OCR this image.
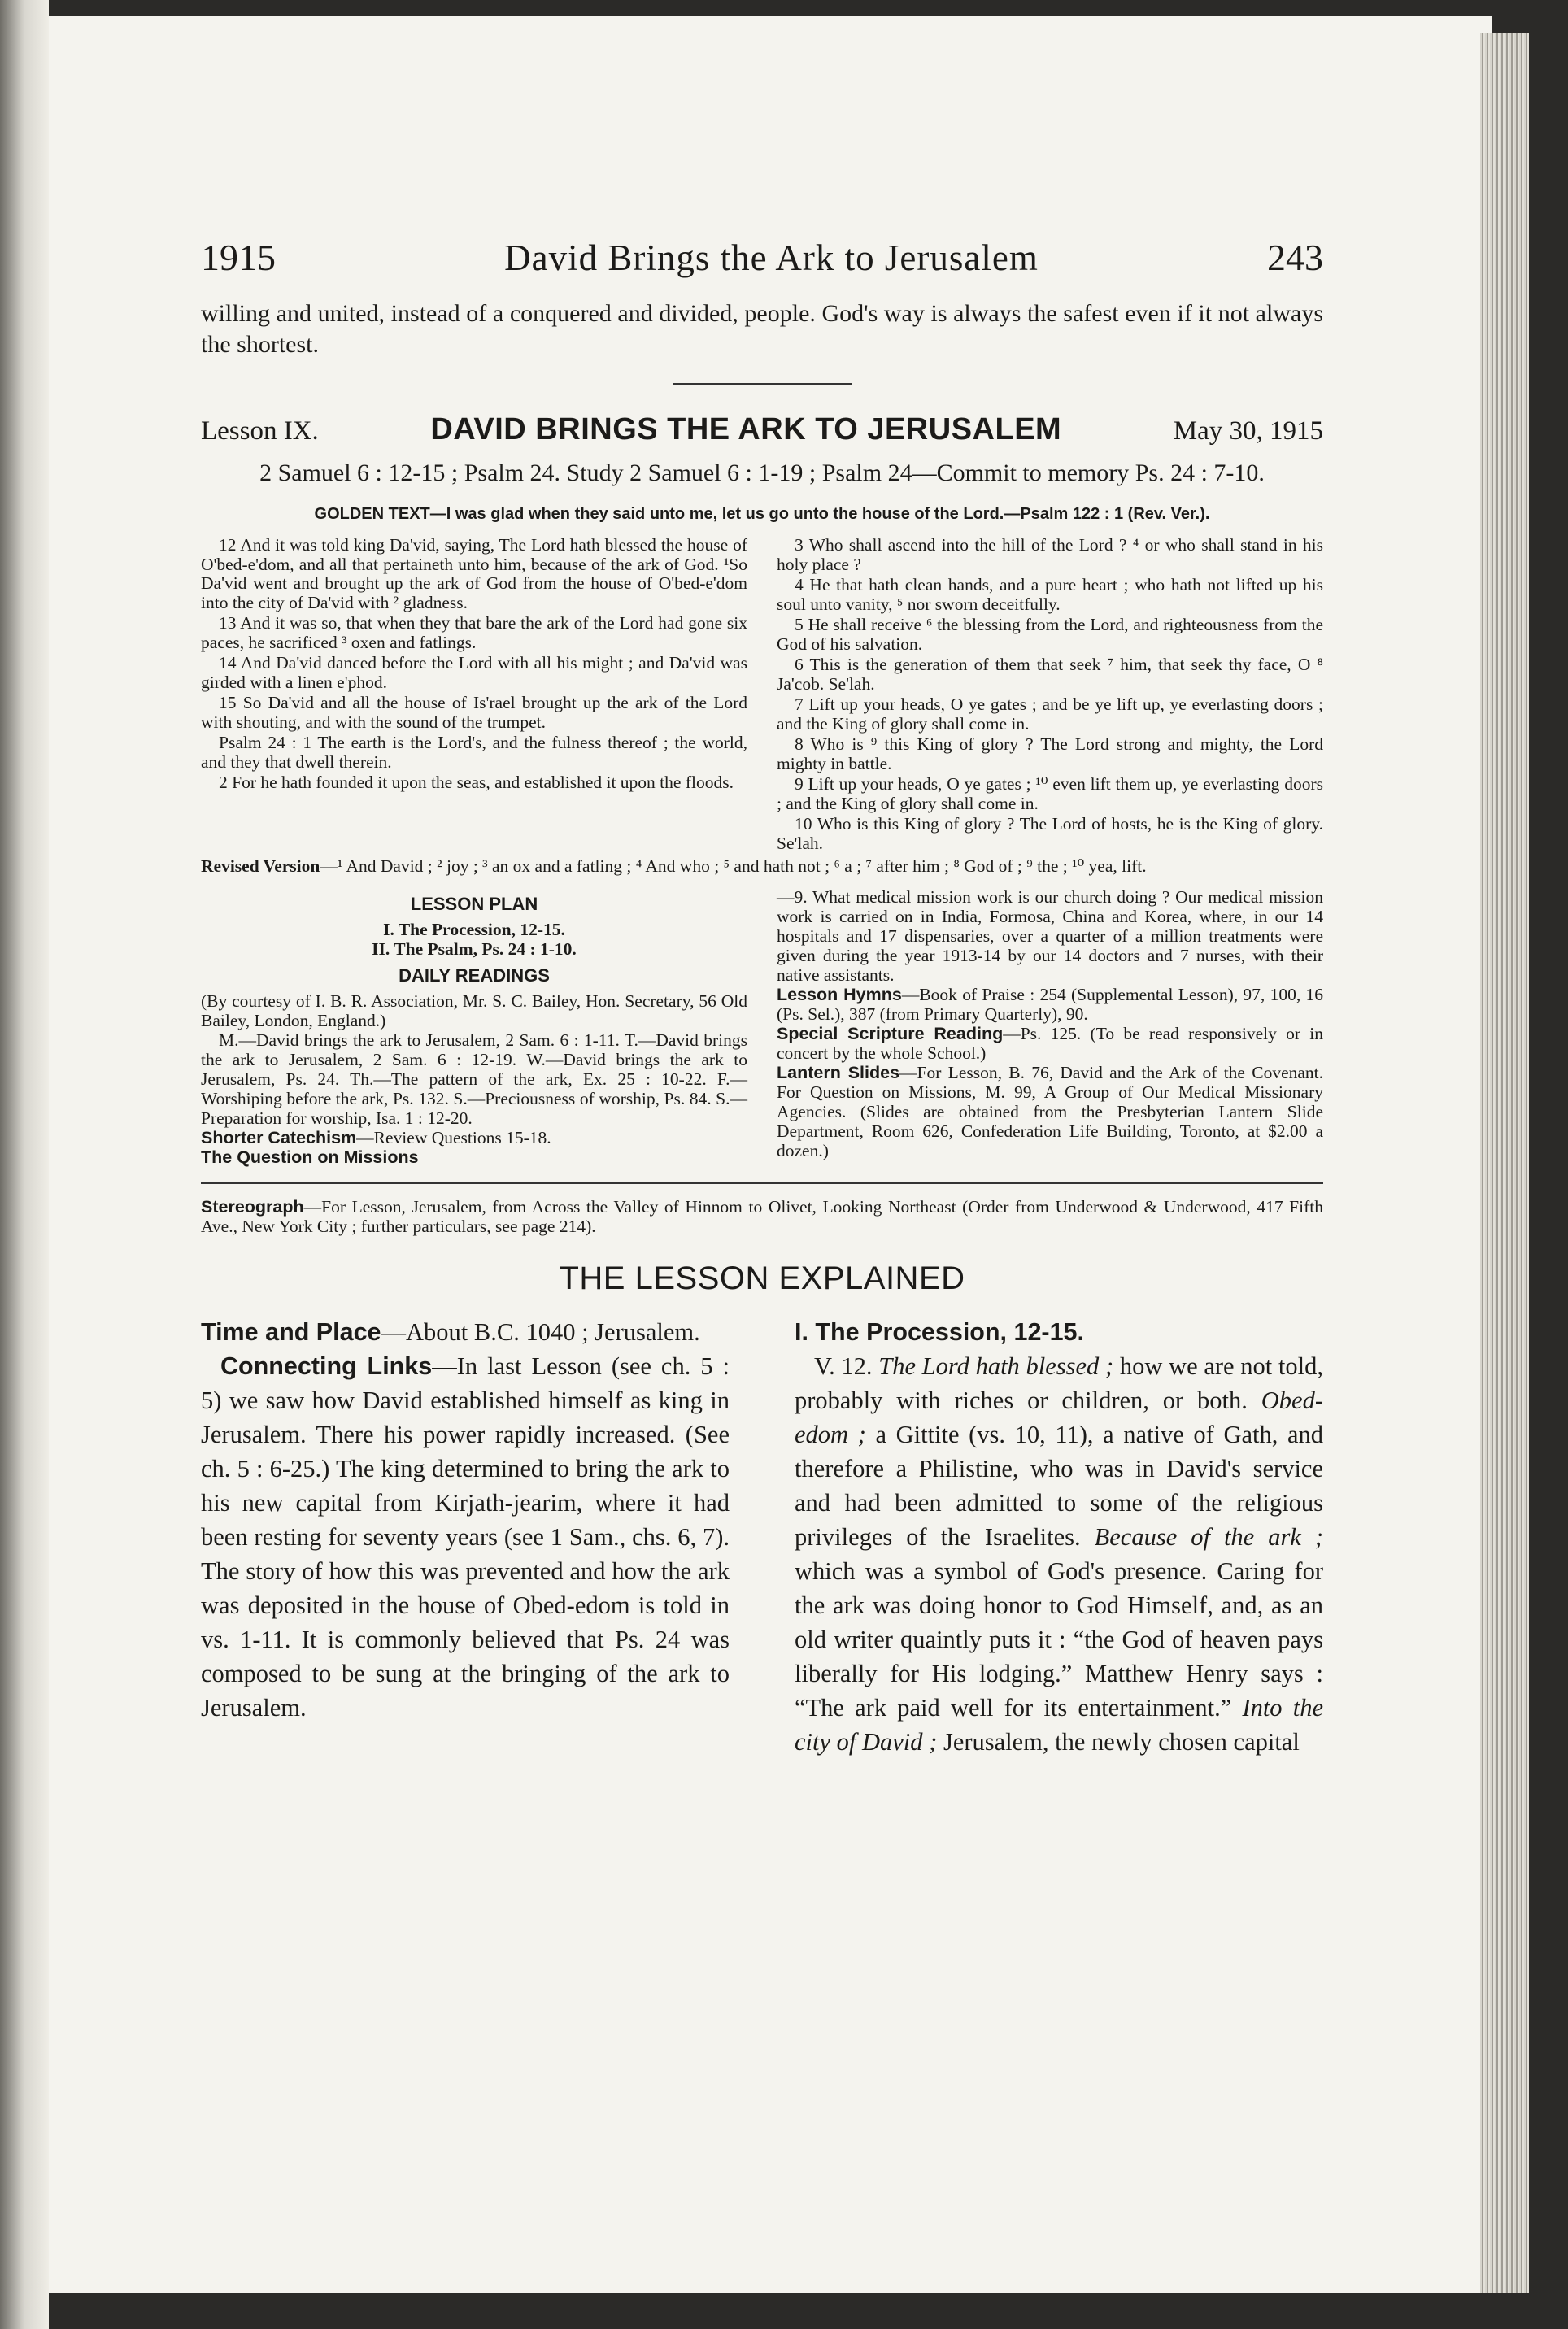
1915	David Brings the Ark to Jerusalem	243

willing and united, instead of a conquered and divided, people. God's way is always the safest even if it not always the shortest.

Lesson IX.	DAVID BRINGS THE ARK TO JERUSALEM	May 30, 1915

2 Samuel 6 : 12-15 ; Psalm 24. Study 2 Samuel 6 : 1-19 ; Psalm 24—Commit to memory Ps. 24 : 7-10.

GOLDEN TEXT—I was glad when they said unto me, let us go unto the house of the Lord.—Psalm 122 : 1 (Rev. Ver.).

12 And it was told king Da'vid, saying, The Lord hath blessed the house of O'bed-e'dom, and all that pertaineth unto him, because of the ark of God. ¹So Da'vid went and brought up the ark of God from the house of O'bed-e'dom into the city of Da'vid with ² gladness.

13 And it was so, that when they that bare the ark of the Lord had gone six paces, he sacrificed ³ oxen and fatlings.

14 And Da'vid danced before the Lord with all his might ; and Da'vid was girded with a linen e'phod.

15 So Da'vid and all the house of Is'rael brought up the ark of the Lord with shouting, and with the sound of the trumpet.

Psalm 24 : 1 The earth is the Lord's, and the fulness thereof ; the world, and they that dwell therein.

2 For he hath founded it upon the seas, and established it upon the floods.

3 Who shall ascend into the hill of the Lord ? ⁴ or who shall stand in his holy place ?

4 He that hath clean hands, and a pure heart ; who hath not lifted up his soul unto vanity, ⁵ nor sworn deceitfully.

5 He shall receive ⁶ the blessing from the Lord, and righteousness from the God of his salvation.

6 This is the generation of them that seek ⁷ him, that seek thy face, O ⁸ Ja'cob. Se'lah.

7 Lift up your heads, O ye gates ; and be ye lift up, ye everlasting doors ; and the King of glory shall come in.

8 Who is ⁹ this King of glory ? The Lord strong and mighty, the Lord mighty in battle.

9 Lift up your heads, O ye gates ; ¹⁰ even lift them up, ye everlasting doors ; and the King of glory shall come in.

10 Who is this King of glory ? The Lord of hosts, he is the King of glory. Se'lah.

Revised Version—¹ And David ; ² joy ; ³ an ox and a fatling ; ⁴ And who ; ⁵ and hath not ; ⁶ a ; ⁷ after him ; ⁸ God of ; ⁹ the ; ¹⁰ yea, lift.

LESSON PLAN

I. The Procession, 12-15.

II. The Psalm, Ps. 24 : 1-10.

DAILY READINGS

(By courtesy of I. B. R. Association, Mr. S. C. Bailey, Hon. Secretary, 56 Old Bailey, London, England.)

M.—David brings the ark to Jerusalem, 2 Sam. 6 : 1-11. T.—David brings the ark to Jerusalem, 2 Sam. 6 : 12-19. W.—David brings the ark to Jerusalem, Ps. 24. Th.—The pattern of the ark, Ex. 25 : 10-22. F.—Worshiping before the ark, Ps. 132. S.—Preciousness of worship, Ps. 84. S.—Preparation for worship, Isa. 1 : 12-20.

Shorter Catechism—Review Questions 15-18.

The Question on Missions

—9. What medical mission work is our church doing ? Our medical mission work is carried on in India, Formosa, China and Korea, where, in our 14 hospitals and 17 dispensaries, over a quarter of a million treatments were given during the year 1913-14 by our 14 doctors and 7 nurses, with their native assistants.

Lesson Hymns—Book of Praise : 254 (Supplemental Lesson), 97, 100, 16 (Ps. Sel.), 387 (from Primary Quarterly), 90.

Special Scripture Reading—Ps. 125. (To be read responsively or in concert by the whole School.)

Lantern Slides—For Lesson, B. 76, David and the Ark of the Covenant. For Question on Missions, M. 99, A Group of Our Medical Missionary Agencies. (Slides are obtained from the Presbyterian Lantern Slide Department, Room 626, Confederation Life Building, Toronto, at $2.00 a dozen.)

Stereograph—For Lesson, Jerusalem, from Across the Valley of Hinnom to Olivet, Looking Northeast (Order from Underwood & Underwood, 417 Fifth Ave., New York City ; further particulars, see page 214).

THE LESSON EXPLAINED

Time and Place—About B.C. 1040 ; Jerusalem.

Connecting Links—In last Lesson (see ch. 5 : 5) we saw how David established himself as king in Jerusalem. There his power rapidly increased. (See ch. 5 : 6-25.) The king determined to bring the ark to his new capital from Kirjath-jearim, where it had been resting for seventy years (see 1 Sam., chs. 6, 7). The story of how this was prevented and how the ark was deposited in the house of Obed-edom is told in vs. 1-11. It is commonly believed that Ps. 24 was composed to be sung at the bringing of the ark to Jerusalem.

I. The Procession, 12-15.

V. 12. The Lord hath blessed ; how we are not told, probably with riches or children, or both. Obed-edom ; a Gittite (vs. 10, 11), a native of Gath, and therefore a Philistine, who was in David's service and had been admitted to some of the religious privileges of the Israelites. Because of the ark ; which was a symbol of God's presence. Caring for the ark was doing honor to God Himself, and, as an old writer quaintly puts it : “the God of heaven pays liberally for His lodging.” Matthew Henry says : “The ark paid well for its entertainment.” Into the city of David ; Jerusalem, the newly chosen capital
